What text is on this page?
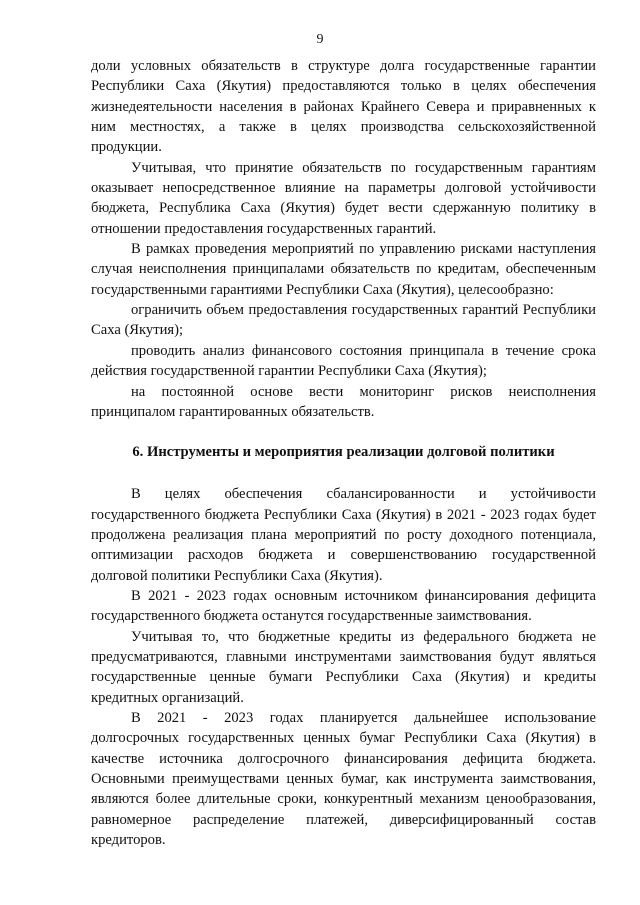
9

доли условных обязательств в структуре долга государственные гарантии Республики Саха (Якутия) предоставляются только в целях обеспечения жизнедеятельности населения в районах Крайнего Севера и приравненных к ним местностях, а также в целях производства сельскохозяйственной продукции.

Учитывая, что принятие обязательств по государственным гарантиям оказывает непосредственное влияние на параметры долговой устойчивости бюджета, Республика Саха (Якутия) будет вести сдержанную политику в отношении предоставления государственных гарантий.

В рамках проведения мероприятий по управлению рисками наступления случая неисполнения принципалами обязательств по кредитам, обеспеченным государственными гарантиями Республики Саха (Якутия), целесообразно:

ограничить объем предоставления государственных гарантий Республики Саха (Якутия);

проводить анализ финансового состояния принципала в течение срока действия государственной гарантии Республики Саха (Якутия);

на постоянной основе вести мониторинг рисков неисполнения принципалом гарантированных обязательств.

6. Инструменты и мероприятия реализации долговой политики

В целях обеспечения сбалансированности и устойчивости государственного бюджета Республики Саха (Якутия) в 2021 - 2023 годах будет продолжена реализация плана мероприятий по росту доходного потенциала, оптимизации расходов бюджета и совершенствованию государственной долговой политики Республики Саха (Якутия).

В 2021 - 2023 годах основным источником финансирования дефицита государственного бюджета останутся государственные заимствования.

Учитывая то, что бюджетные кредиты из федерального бюджета не предусматриваются, главными инструментами заимствования будут являться государственные ценные бумаги Республики Саха (Якутия) и кредиты кредитных организаций.

В 2021 - 2023 годах планируется дальнейшее использование долгосрочных государственных ценных бумаг Республики Саха (Якутия) в качестве источника долгосрочного финансирования дефицита бюджета. Основными преимуществами ценных бумаг, как инструмента заимствования, являются более длительные сроки, конкурентный механизм ценообразования, равномерное распределение платежей, диверсифицированный состав кредиторов.
